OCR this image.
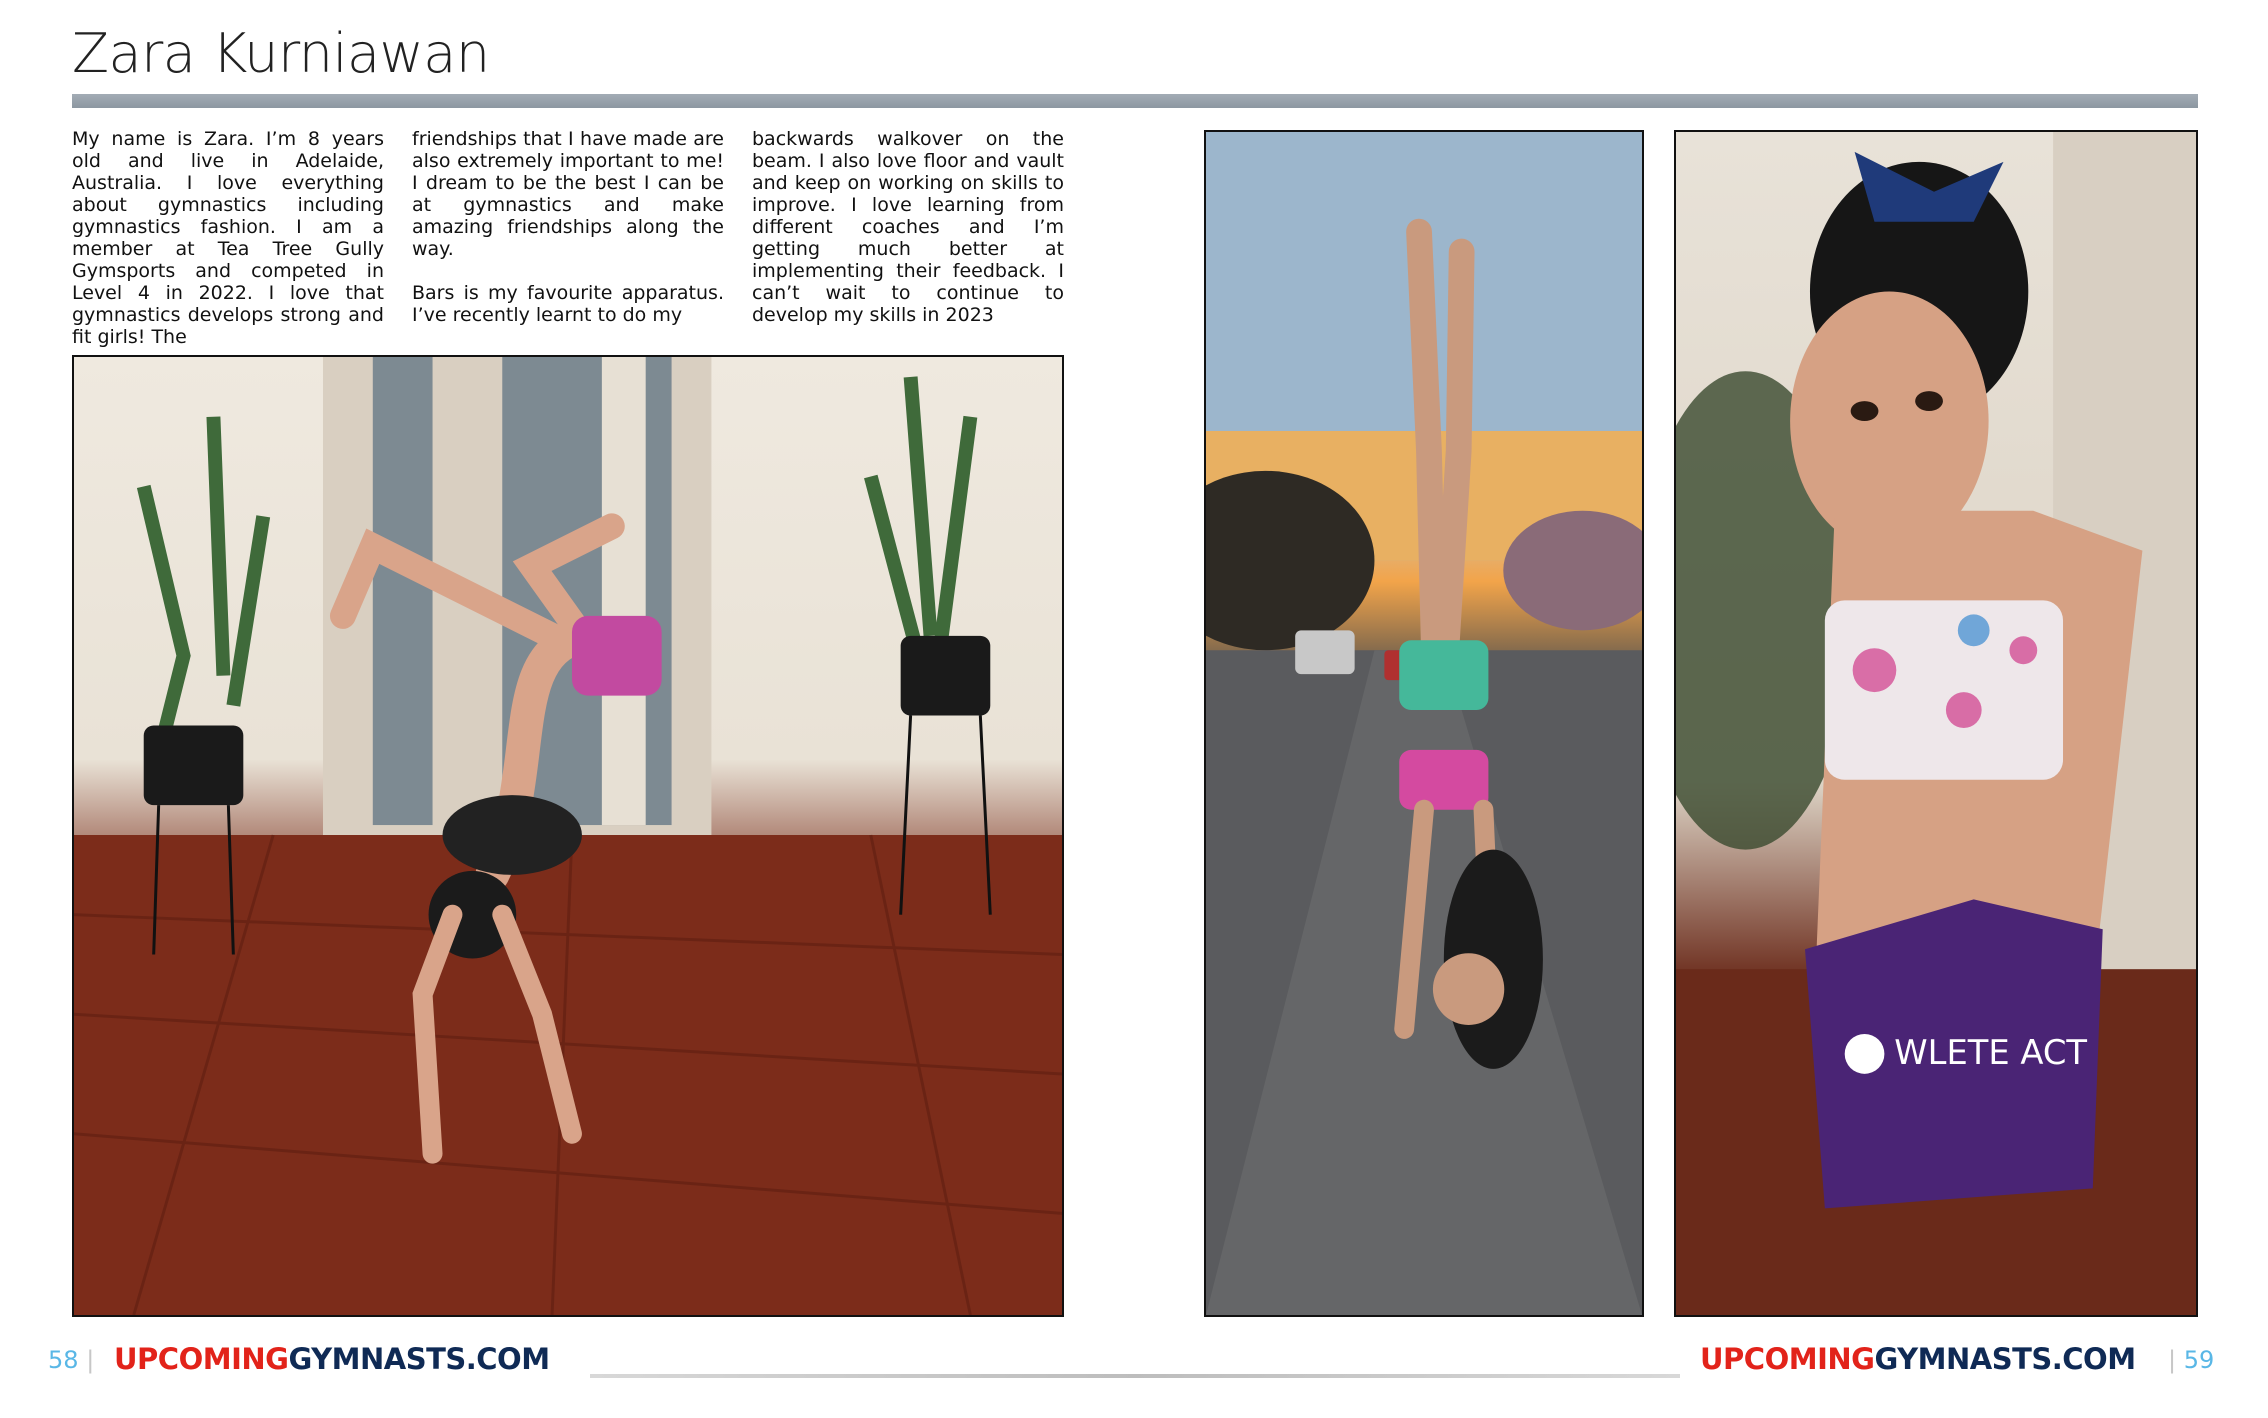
Zara Kurniawan

My name is Zara. I’m 8 years old and live in Adelaide, Australia. I love everything about gymnastics including gymnastics fashion. I am a member at Tea Tree Gully Gymsports and competed in Level 4 in 2022. I love that gymnastics develops strong and fit girls! The

friendships that I have made are also extremely important to me! I dream to be the best I can be at gymnastics and make amazing friendships along the way.

Bars is my favourite apparatus. I’ve recently learnt to do my

backwards walkover on the beam. I also love floor and vault and keep on working on skills to improve. I love learning from different coaches and I’m getting much better at implementing their feedback. I can’t wait to continue to develop my skills in 2023

WLETE ACT
58 | UPCOMINGGYMNASTS.COM	UPCOMINGGYMNASTS.COM | 59
